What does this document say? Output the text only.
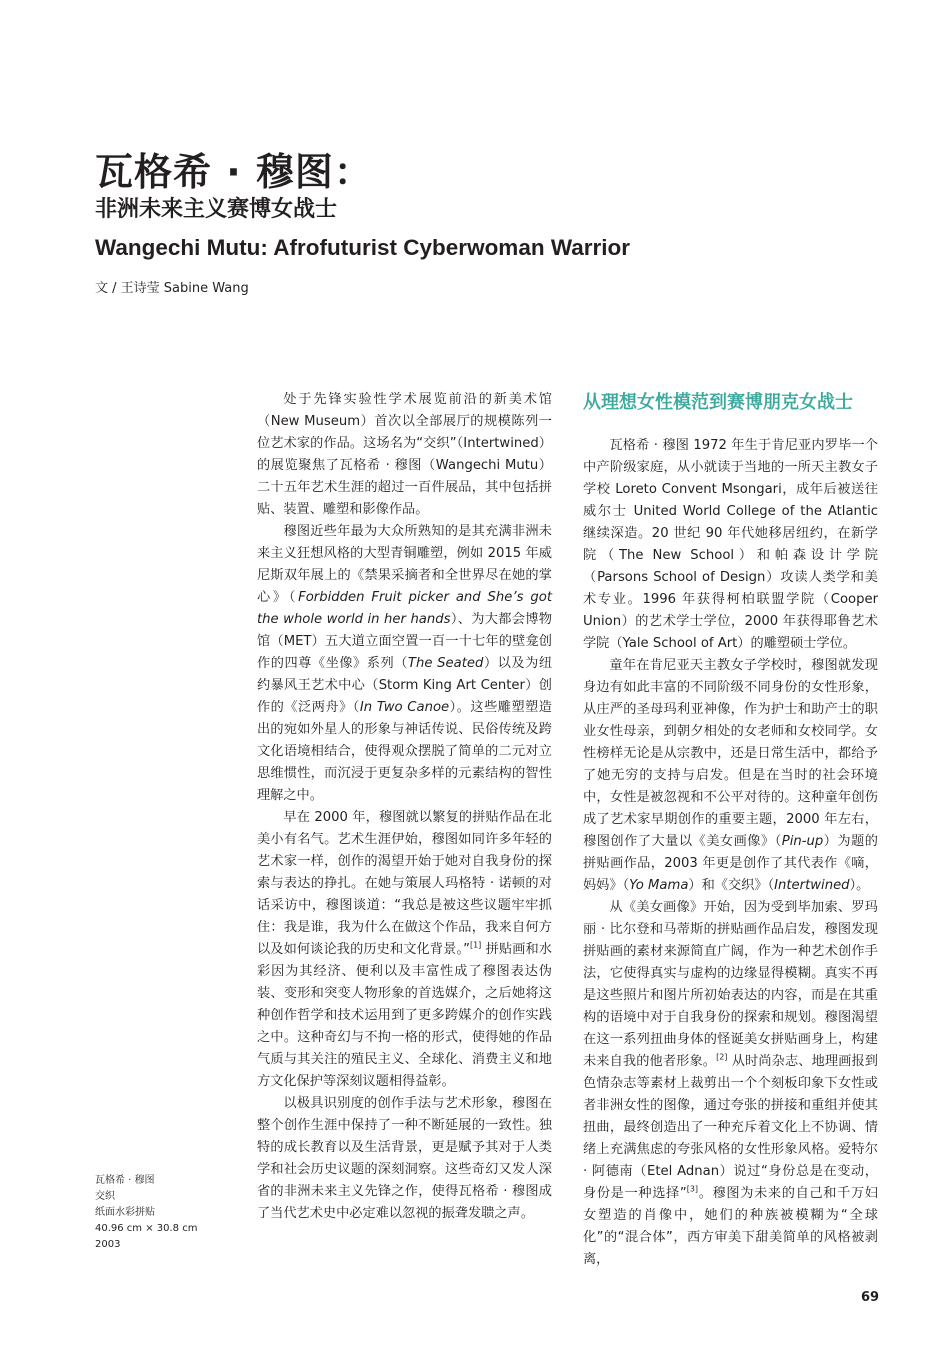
瓦格希 · 穆图：
非洲未来主义赛博女战士
Wangechi Mutu: Afrofuturist Cyberwoman Warrior
文 / 王诗莹 Sabine Wang

处于先锋实验性学术展览前沿的新美术馆（New Museum）首次以全部展厅的规模陈列一位艺术家的作品。这场名为“交织”（Intertwined）的展览聚焦了瓦格希 · 穆图（Wangechi Mutu）二十五年艺术生涯的超过一百件展品，其中包括拼贴、装置、雕塑和影像作品。

穆图近些年最为大众所熟知的是其充满非洲未来主义狂想风格的大型青铜雕塑，例如 2015 年威尼斯双年展上的《禁果采摘者和全世界尽在她的掌心》（Forbidden Fruit picker and She’s got the whole world in her hands）、为大都会博物馆（MET）五大道立面空置一百一十七年的壁龛创作的四尊《坐像》系列（The Seated）以及为纽约暴风王艺术中心（Storm King Art Center）创作的《泛两舟》（In Two Canoe）。这些雕塑塑造出的宛如外星人的形象与神话传说、民俗传统及跨文化语境相结合，使得观众摆脱了简单的二元对立思维惯性，而沉浸于更复杂多样的元素结构的智性理解之中。

早在 2000 年，穆图就以繁复的拼贴作品在北美小有名气。艺术生涯伊始，穆图如同许多年轻的艺术家一样，创作的渴望开始于她对自我身份的探索与表达的挣扎。在她与策展人玛格特 · 诺顿的对话采访中，穆图谈道：“我总是被这些议题牢牢抓住：我是谁，我为什么在做这个作品，我来自何方以及如何谈论我的历史和文化背景。”[1] 拼贴画和水彩因为其经济、便利以及丰富性成了穆图表达伪装、变形和突变人物形象的首选媒介，之后她将这种创作哲学和技术运用到了更多跨媒介的创作实践之中。这种奇幻与不拘一格的形式，使得她的作品气质与其关注的殖民主义、全球化、消费主义和地方文化保护等深刻议题相得益彰。

以极具识别度的创作手法与艺术形象，穆图在整个创作生涯中保持了一种不断延展的一致性。独特的成长教育以及生活背景，更是赋予其对于人类学和社会历史议题的深刻洞察。这些奇幻又发人深省的非洲未来主义先锋之作，使得瓦格希 · 穆图成了当代艺术史中必定难以忽视的振聋发聩之声。

从理想女性模范到赛博朋克女战士

瓦格希 · 穆图 1972 年生于肯尼亚内罗毕一个中产阶级家庭，从小就读于当地的一所天主教女子学校 Loreto Convent Msongari，成年后被送往威尔士 United World College of the Atlantic 继续深造。20 世纪 90 年代她移居纽约，在新学院（The New School）和帕森设计学院（Parsons School of Design）攻读人类学和美术专业。1996 年获得柯柏联盟学院（Cooper Union）的艺术学士学位，2000 年获得耶鲁艺术学院（Yale School of Art）的雕塑硕士学位。

童年在肯尼亚天主教女子学校时，穆图就发现身边有如此丰富的不同阶级不同身份的女性形象，从庄严的圣母玛利亚神像，作为护士和助产士的职业女性母亲，到朝夕相处的女老师和女校同学。女性榜样无论是从宗教中，还是日常生活中，都给予了她无穷的支持与启发。但是在当时的社会环境中，女性是被忽视和不公平对待的。这种童年创伤成了艺术家早期创作的重要主题，2000 年左右，穆图创作了大量以《美女画像》（Pin-up）为题的拼贴画作品，2003 年更是创作了其代表作《嘀，妈妈》（Yo Mama）和《交织》（Intertwined）。

从《美女画像》开始，因为受到毕加索、罗玛丽 · 比尔登和马蒂斯的拼贴画作品启发，穆图发现拼贴画的素材来源简直广阔，作为一种艺术创作手法，它使得真实与虚构的边缘显得模糊。真实不再是这些照片和图片所初始表达的内容，而是在其重构的语境中对于自我身份的探索和规划。穆图渴望在这一系列扭曲身体的怪诞美女拼贴画身上，构建未来自我的他者形象。[2] 从时尚杂志、地理画报到色情杂志等素材上裁剪出一个个刻板印象下女性或者非洲女性的图像，通过夸张的拼接和重组并使其扭曲，最终创造出了一种充斥着文化上不协调、情绪上充满焦虑的夸张风格的女性形象风格。爱特尔 · 阿德南（Etel Adnan）说过“身份总是在变动，身份是一种选择”[3]。穆图为未来的自己和千万妇女塑造的肖像中，她们的种族被模糊为“全球化”的“混合体”，西方审美下甜美简单的风格被剥离，

瓦格希 · 穆图
交织
纸面水彩拼贴
40.96 cm × 30.8 cm
2003
69
